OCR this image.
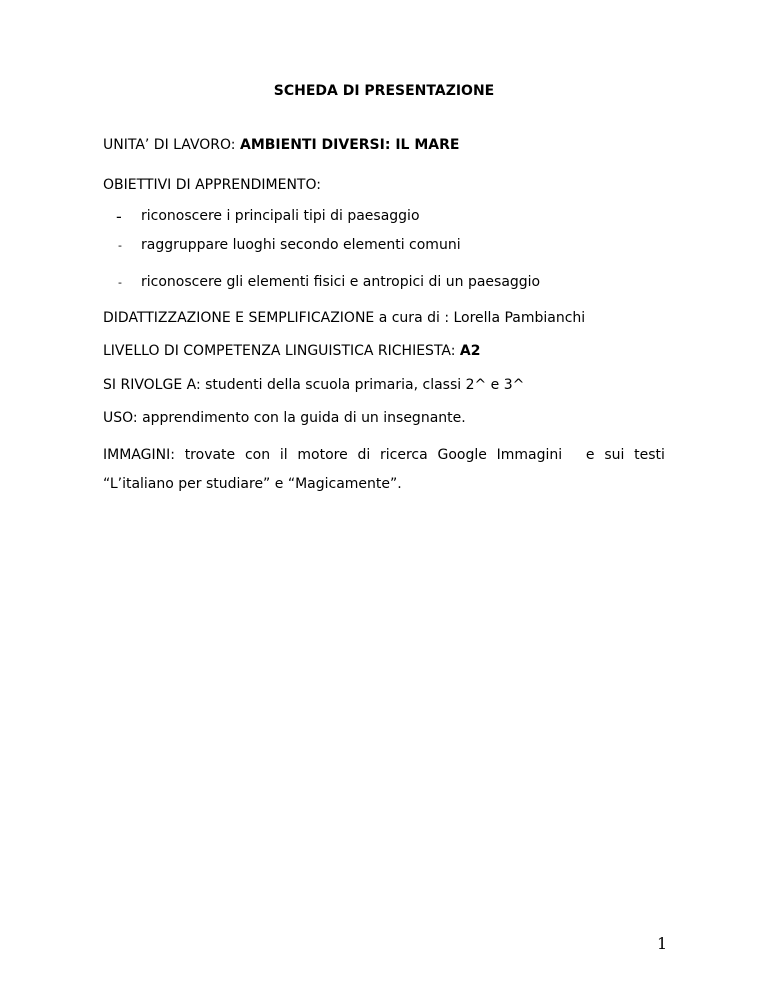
SCHEDA DI PRESENTAZIONE
UNITA’ DI LAVORO: AMBIENTI DIVERSI: IL MARE
OBIETTIVI DI APPRENDIMENTO:
- riconoscere i principali tipi di paesaggio
- raggruppare luoghi secondo elementi comuni
- riconoscere gli elementi fisici e antropici di un paesaggio
DIDATTIZZAZIONE E SEMPLIFICAZIONE a cura di : Lorella Pambianchi
LIVELLO DI COMPETENZA LINGUISTICA RICHIESTA: A2
SI RIVOLGE A: studenti della scuola primaria, classi 2^ e 3^
USO: apprendimento con la guida di un insegnante.
IMMAGINI: trovate con il motore di ricerca Google Immagini e sui testi
“L’italiano per studiare” e “Magicamente”.
1
